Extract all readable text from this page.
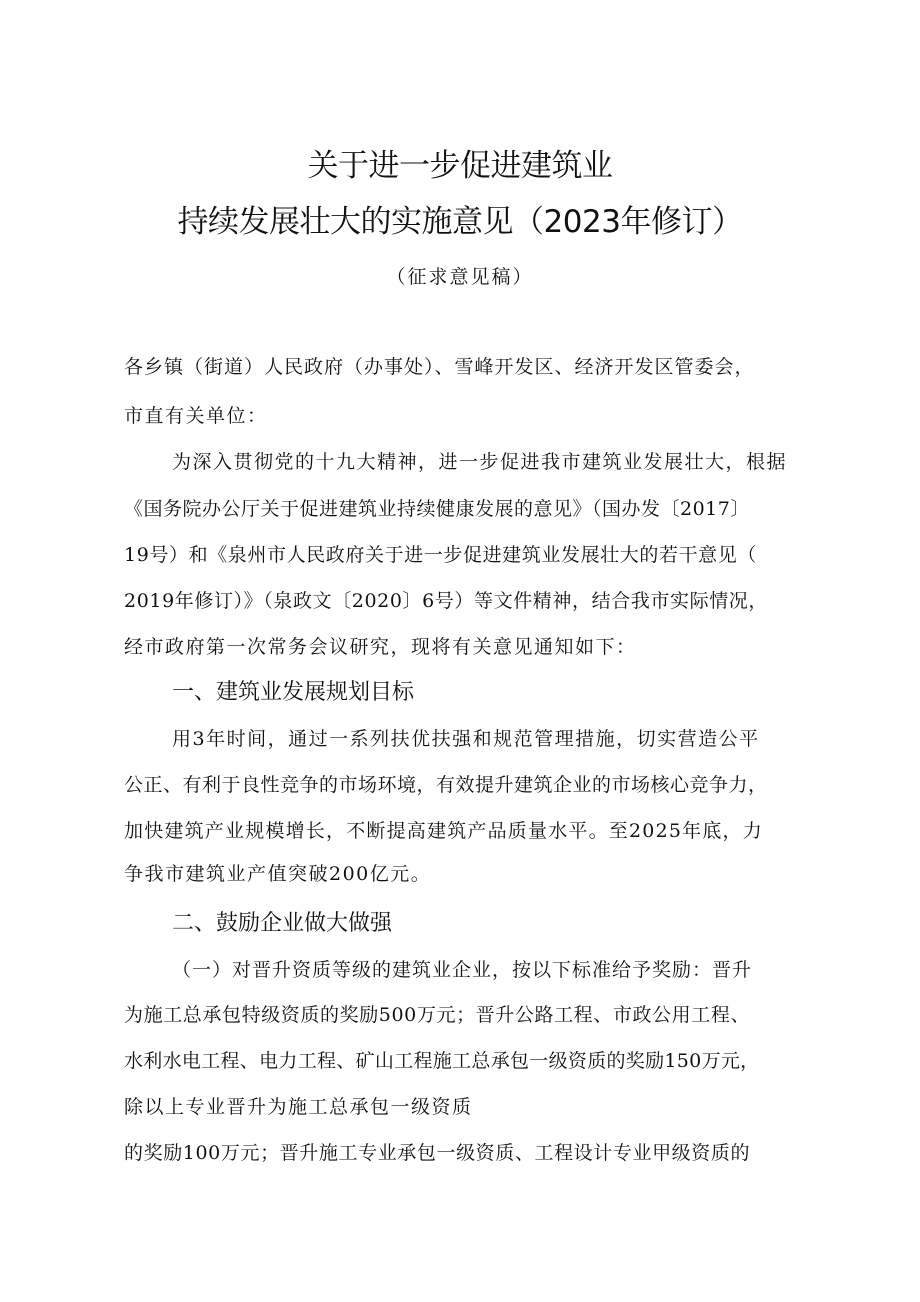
关于进一步促进建筑业
持续发展壮大的实施意见（2023年修订）
（征求意见稿）
各乡镇（街道）人民政府（办事处）、雪峰开发区、经济开发区管委会，
市直有关单位：
为深入贯彻党的十九大精神，进一步促进我市建筑业发展壮大，根据
《国务院办公厅关于促进建筑业持续健康发展的意见》（国办发〔2017〕
19号）和《泉州市人民政府关于进一步促进建筑业发展壮大的若干意见（
2019年修订）》（泉政文〔2020〕6号）等文件精神，结合我市实际情况，
经市政府第一次常务会议研究，现将有关意见通知如下：
一、建筑业发展规划目标
用3年时间，通过一系列扶优扶强和规范管理措施，切实营造公平
公正、有利于良性竞争的市场环境，有效提升建筑企业的市场核心竞争力，
加快建筑产业规模增长，不断提高建筑产品质量水平。至2025年底，力
争我市建筑业产值突破200亿元。
二、鼓励企业做大做强
（一）对晋升资质等级的建筑业企业，按以下标准给予奖励：晋升
为施工总承包特级资质的奖励500万元；晋升公路工程、市政公用工程、
水利水电工程、电力工程、矿山工程施工总承包一级资质的奖励150万元，
除以上专业晋升为施工总承包一级资质
的奖励100万元；晋升施工专业承包一级资质、工程设计专业甲级资质的
